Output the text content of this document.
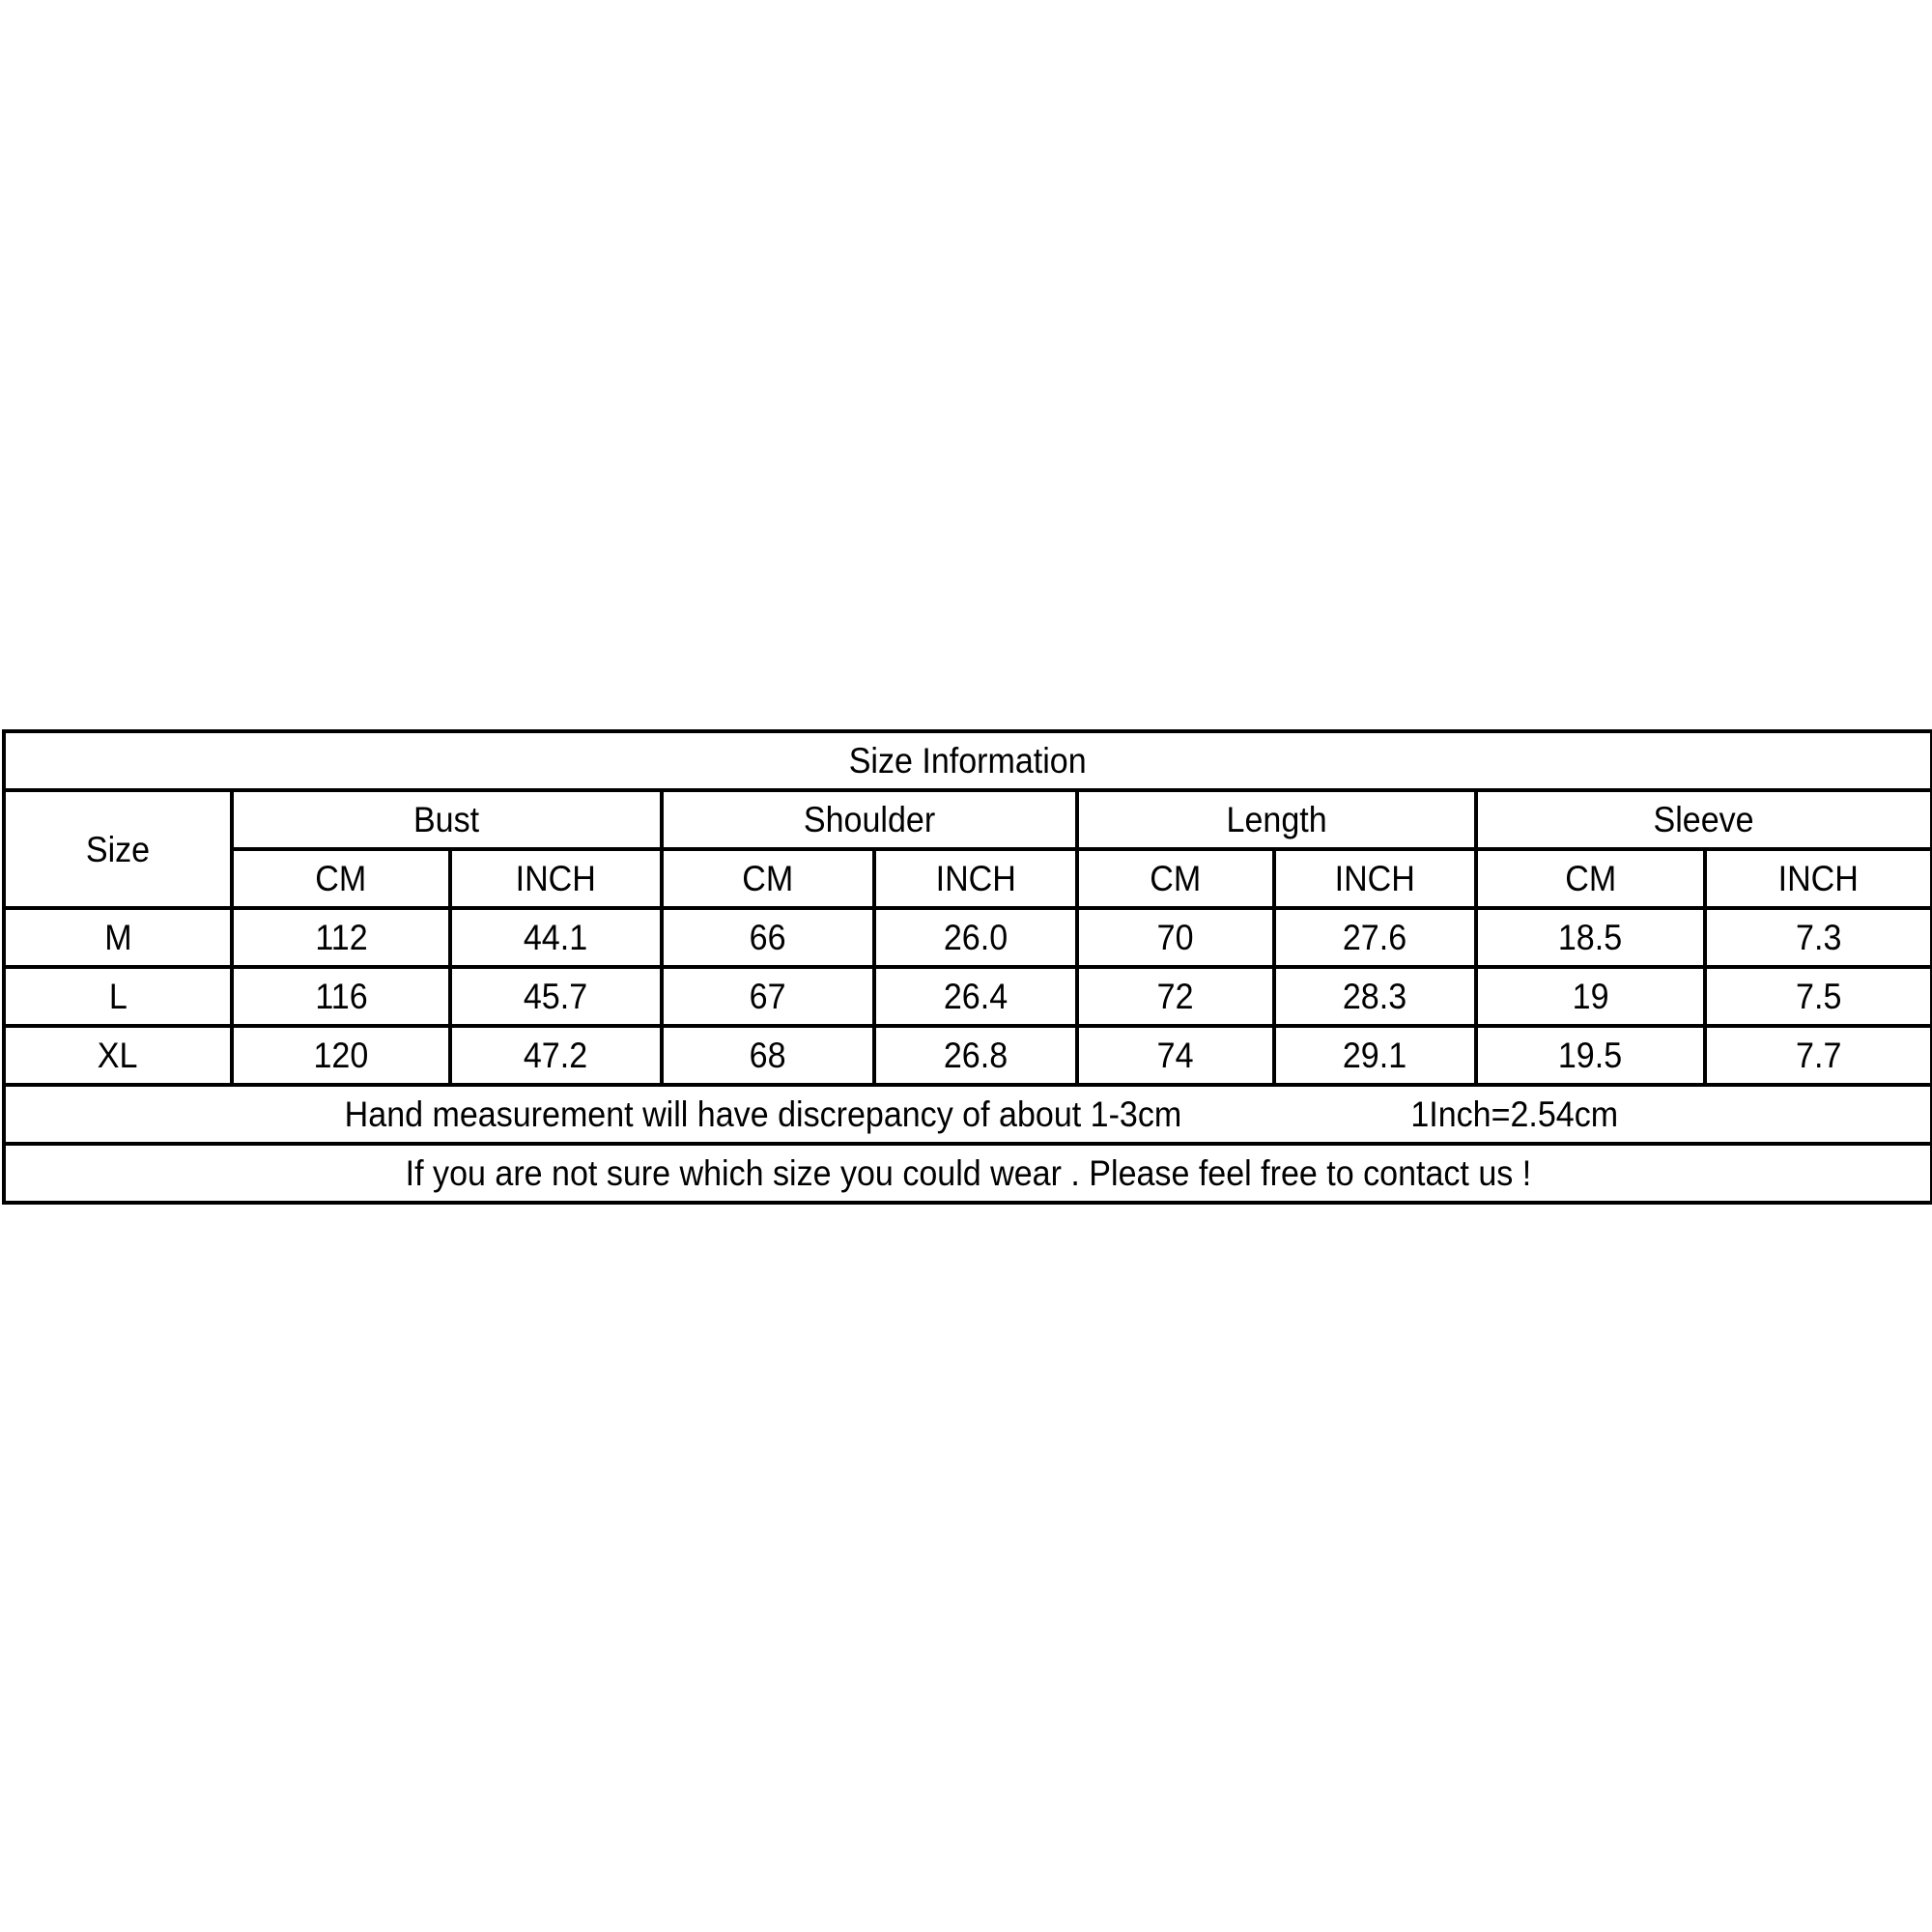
Size Information								
Size	Bust		Shoulder		Length		Sleeve	
	CM	INCH	CM	INCH	CM	INCH	CM	INCH
M	112	44.1	66	26.0	70	27.6	18.5	7.3
L	116	45.7	67	26.4	72	28.3	19	7.5
XL	120	47.2	68	26.8	74	29.1	19.5	7.7
Hand measurement will have discrepancy of about 1-3cm 1Inch=2.54cm								
If you are not sure which size you could wear . Please feel free to contact us !								
